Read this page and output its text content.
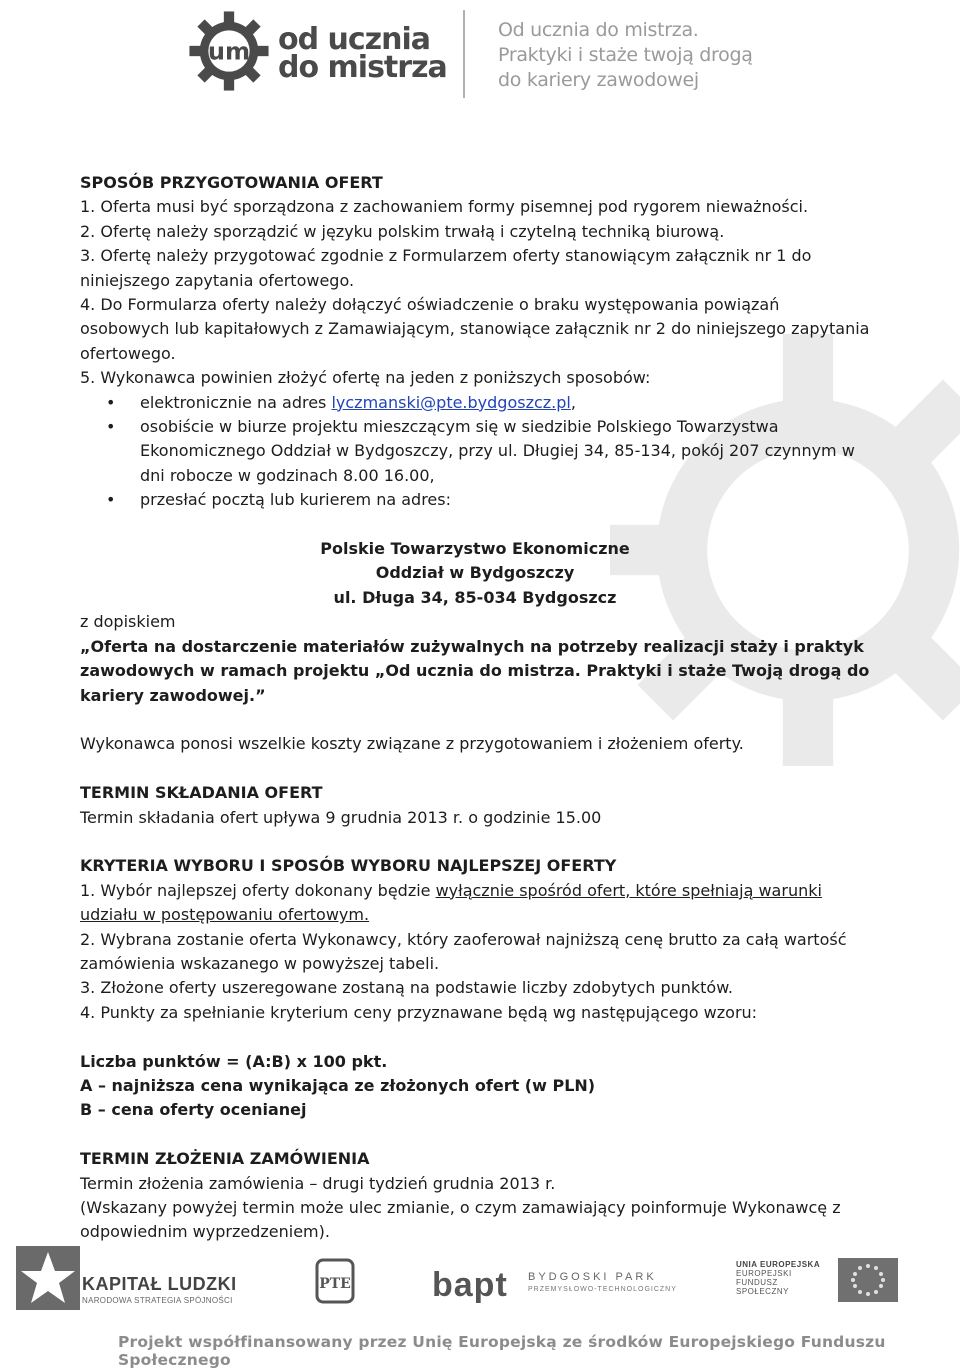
um od ucznia
do mistrza
Od ucznia do mistrza.
Praktyki i staże twoją drogą
do kariery zawodowej

SPOSÓB PRZYGOTOWANIA OFERT

1. Oferta musi być sporządzona z zachowaniem formy pisemnej pod rygorem nieważności.

2. Ofertę należy sporządzić w języku polskim trwałą i czytelną techniką biurową.

3. Ofertę należy przygotować zgodnie z Formularzem oferty stanowiącym załącznik nr 1 do niniejszego zapytania ofertowego.

4. Do Formularza oferty należy dołączyć oświadczenie o braku występowania powiązań osobowych lub kapitałowych z Zamawiającym, stanowiące załącznik nr 2 do niniejszego zapytania ofertowego.

5. Wykonawca powinien złożyć ofertę na jeden z poniższych sposobów:

• elektronicznie na adres lyczmanski@pte.bydgoszcz.pl,
• osobiście w biurze projektu mieszczącym się w siedzibie Polskiego Towarzystwa Ekonomicznego Oddział w Bydgoszczy, przy ul. Długiej 34, 85-134, pokój 207 czynnym w dni robocze w godzinach 8.00 16.00,
• przesłać pocztą lub kurierem na adres:

Polskie Towarzystwo Ekonomiczne

Oddział w Bydgoszczy

ul. Długa 34, 85-034 Bydgoszcz

z dopiskiem

„Oferta na dostarczenie materiałów zużywalnych na potrzeby realizacji staży i praktyk zawodowych w ramach projektu „Od ucznia do mistrza. Praktyki i staże Twoją drogą do kariery zawodowej.”

Wykonawca ponosi wszelkie koszty związane z przygotowaniem i złożeniem oferty.

TERMIN SKŁADANIA OFERT

Termin składania ofert upływa 9 grudnia 2013 r. o godzinie 15.00

KRYTERIA WYBORU I SPOSÓB WYBORU NAJLEPSZEJ OFERTY

1. Wybór najlepszej oferty dokonany będzie wyłącznie spośród ofert, które spełniają warunki udziału w postępowaniu ofertowym.

2. Wybrana zostanie oferta Wykonawcy, który zaoferował najniższą cenę brutto za całą wartość zamówienia wskazanego w powyższej tabeli.

3. Złożone oferty uszeregowane zostaną na podstawie liczby zdobytych punktów.

4. Punkty za spełnianie kryterium ceny przyznawane będą wg następującego wzoru:

Liczba punktów = (A:B) x 100 pkt.

A – najniższa cena wynikająca ze złożonych ofert (w PLN)

B – cena oferty ocenianej

TERMIN ZŁOŻENIA ZAMÓWIENIA

Termin złożenia zamówienia – drugi tydzień grudnia 2013 r.

(Wskazany powyżej termin może ulec zmianie, o czym zamawiający poinformuje Wykonawcę z odpowiednim wyprzedzeniem).

KAPITAŁ LUDZKI
NARODOWA STRATEGIA SPÓJNOŚCI
PTE bapt BYDGOSKI PARK
PRZEMYSŁOWO-TECHNOLOGICZNY
UNIA EUROPEJSKA
EUROPEJSKI
FUNDUSZ SPOŁECZNY
Projekt współfinansowany przez Unię Europejską ze środków Europejskiego Funduszu Społecznego
